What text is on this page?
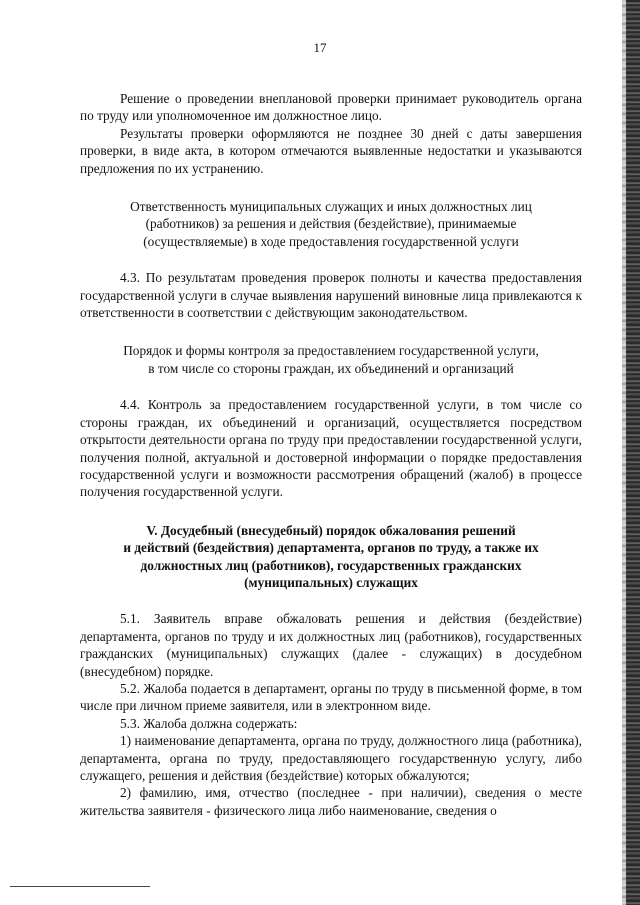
17

Решение о проведении внеплановой проверки принимает руководитель органа по труду или уполномоченное им должностное лицо.

Результаты проверки оформляются не позднее 30 дней с даты завершения проверки, в виде акта, в котором отмечаются выявленные недостатки и указываются предложения по их устранению.

Ответственность муниципальных служащих и иных должностных лиц
(работников) за решения и действия (бездействие), принимаемые
(осуществляемые) в ходе предоставления государственной услуги

4.3. По результатам проведения проверок полноты и качества предоставления государственной услуги в случае выявления нарушений виновные лица привлекаются к ответственности в соответствии с действующим законодательством.

Порядок и формы контроля за предоставлением государственной услуги,
в том числе со стороны граждан, их объединений и организаций

4.4. Контроль за предоставлением государственной услуги, в том числе со стороны граждан, их объединений и организаций, осуществляется посредством открытости деятельности органа по труду при предоставлении государственной услуги, получения полной, актуальной и достоверной информации о порядке предоставления государственной услуги и возможности рассмотрения обращений (жалоб) в процессе получения государственной услуги.

V. Досудебный (внесудебный) порядок обжалования решений
и действий (бездействия) департамента, органов по труду, а также их
должностных лиц (работников), государственных гражданских
(муниципальных) служащих

5.1. Заявитель вправе обжаловать решения и действия (бездействие) департамента, органов по труду и их должностных лиц (работников), государственных гражданских (муниципальных) служащих (далее - служащих) в досудебном (внесудебном) порядке.

5.2. Жалоба подается в департамент, органы по труду в письменной форме, в том числе при личном приеме заявителя, или в электронном виде.

5.3. Жалоба должна содержать:

1) наименование департамента, органа по труду, должностного лица (работника), департамента, органа по труду, предоставляющего государственную услугу, либо служащего, решения и действия (бездействие) которых обжалуются;

2) фамилию, имя, отчество (последнее - при наличии), сведения о месте жительства заявителя - физического лица либо наименование, сведения о
